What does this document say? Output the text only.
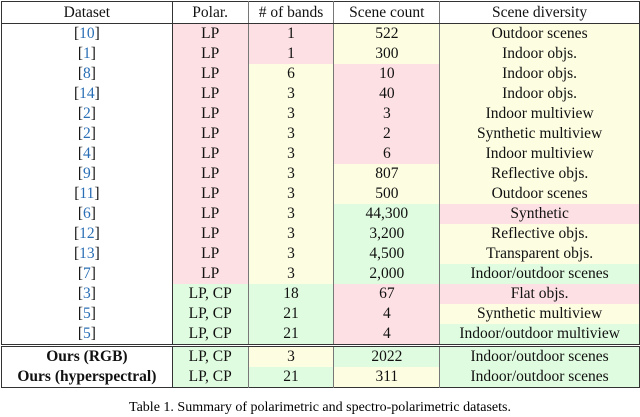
Dataset	Polar.	# of bands	Scene count	Scene diversity
[10]	LP	1	522	Outdoor scenes
[1]	LP	1	300	Indoor objs.
[8]	LP	6	10	Indoor objs.
[14]	LP	3	40	Indoor objs.
[2]	LP	3	3	Indoor multiview
[2]	LP	3	2	Synthetic multiview
[4]	LP	3	6	Indoor multiview
[9]	LP	3	807	Reflective objs.
[11]	LP	3	500	Outdoor scenes
[6]	LP	3	44,300	Synthetic
[12]	LP	3	3,200	Reflective objs.
[13]	LP	3	4,500	Transparent objs.
[7]	LP	3	2,000	Indoor/outdoor scenes
[3]	LP, CP	18	67	Flat objs.
[5]	LP, CP	21	4	Synthetic multiview
[5]	LP, CP	21	4	Indoor/outdoor multiview
Ours (RGB)	LP, CP	3	2022	Indoor/outdoor scenes
Ours (hyperspectral)	LP, CP	21	311	Indoor/outdoor scenes
Table 1. Summary of polarimetric and spectro-polarimetric datasets.
